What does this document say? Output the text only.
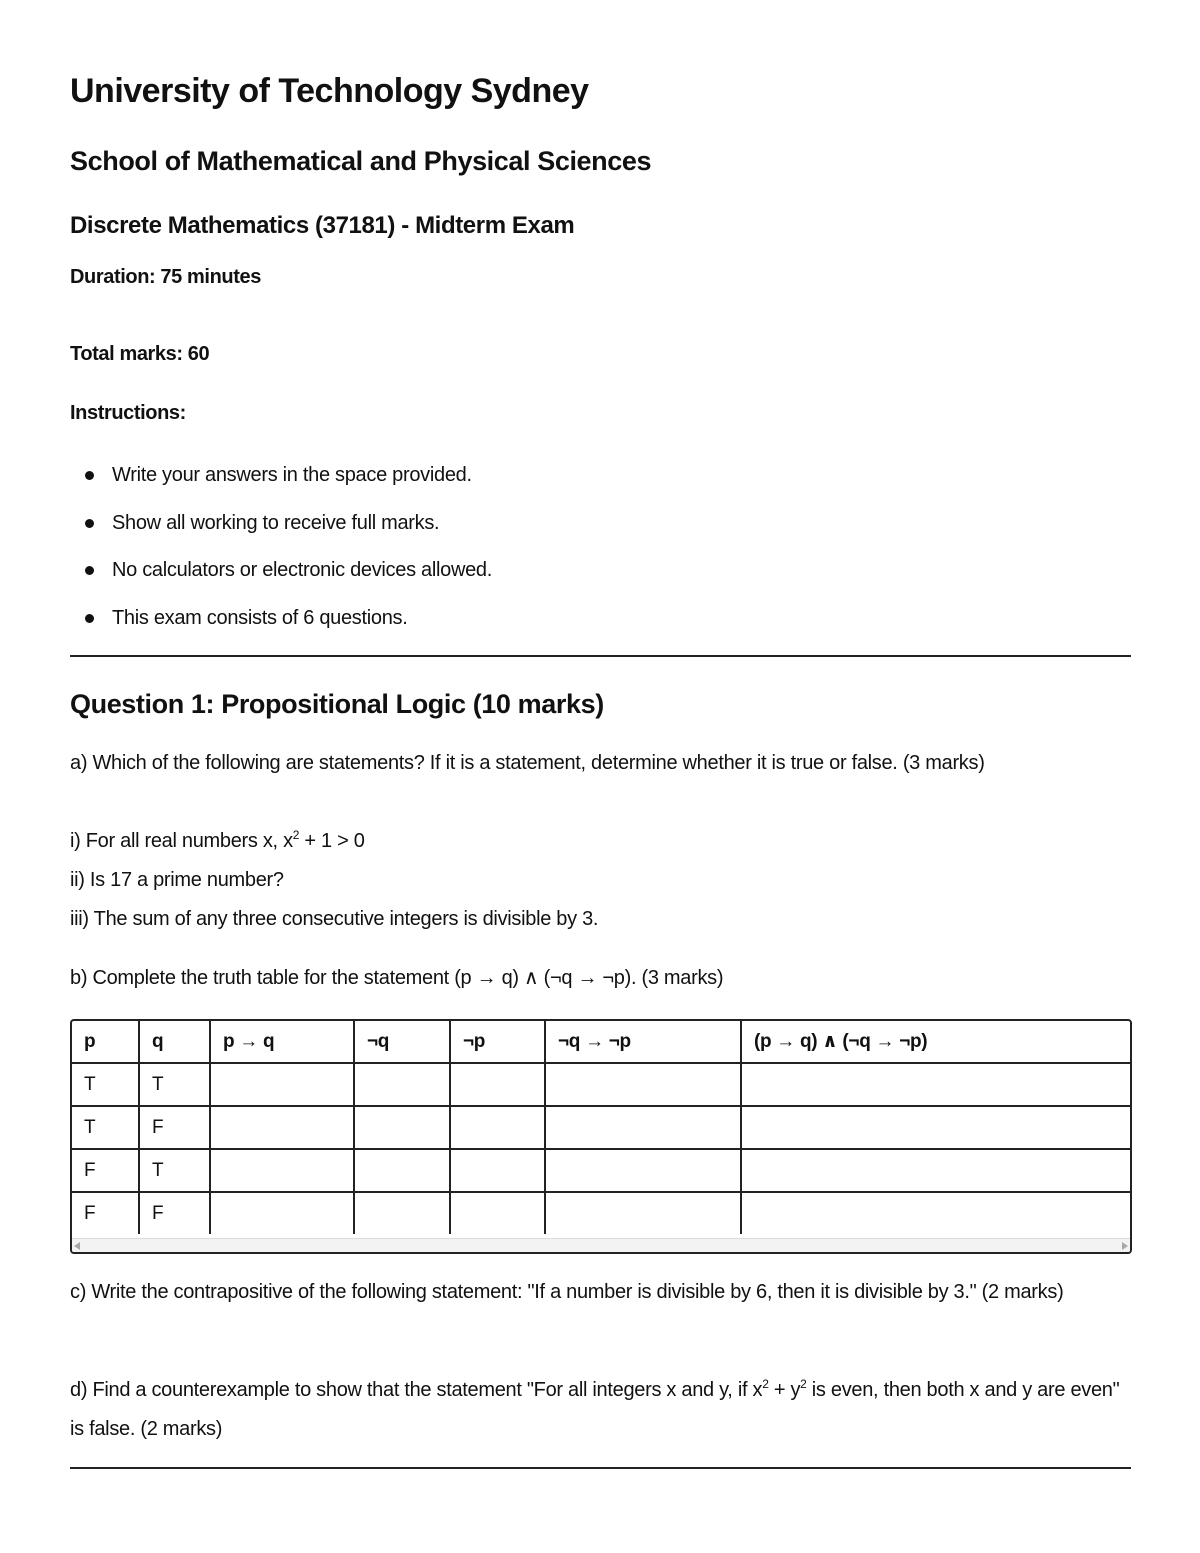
University of Technology Sydney
School of Mathematical and Physical Sciences
Discrete Mathematics (37181) - Midterm Exam

Duration: 75 minutes

Total marks: 60

Instructions:

Write your answers in the space provided.
Show all working to receive full marks.
No calculators or electronic devices allowed.
This exam consists of 6 questions.
Question 1: Propositional Logic (10 marks)

a) Which of the following are statements? If it is a statement, determine whether it is true or false. (3 marks)

i) For all real numbers x, $x^2 + 1 > 0$

ii) Is 17 a prime number?

iii) The sum of any three consecutive integers is divisible by 3.

b) Complete the truth table for the statement (p → q) ∧ (¬q → ¬p). (3 marks)

p	q	p → q	¬q	¬p	¬q → ¬p	(p → q) ∧ (¬q → ¬p)
T	T					
T	F					
F	T					
F	F					

c) Write the contrapositive of the following statement: "If a number is divisible by 6, then it is divisible by 3." (2 marks)

d) Find a counterexample to show that the statement "For all integers x and y, if $x^2 + y^2$ is even, then both x and y are even" is false. (2 marks)
